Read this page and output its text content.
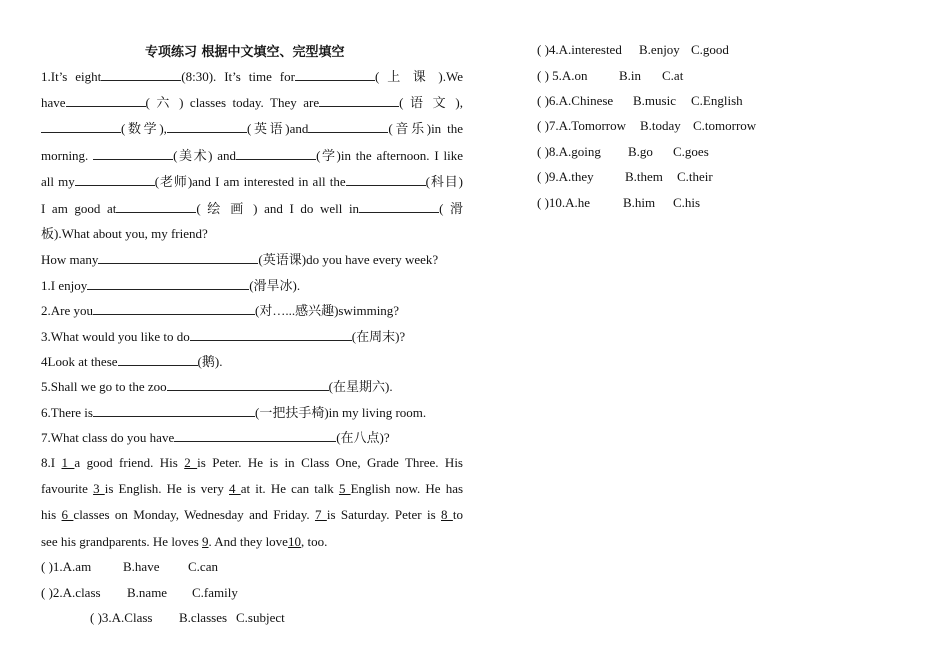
专项练习 根据中文填空、完型填空
1.It’s eight	(8:30). It’s time for	( 上 课 ).We
have	( 六 ) classes today. They are	( 语 文 ),
(数学),	(英语)and	(音乐)in the
morning.	(美术) and	(学)in the afternoon. I like
all my	(老师)and I am interested in all the	(科目)
I am good at	( 绘 画 ) and I do well in	( 滑
板).What about you, my friend?
How many	(英语课)do you have every week?
1.I enjoy	(滑旱冰).
2.Are you	(对…...感兴趣)swimming?
3.What would you like to do	(在周末)?
4Look at these	(鹅).
5.Shall we go to the zoo	(在星期六).
6.There is	(一把扶手椅)in my living room.
7.What class do you have	(在八点)?
8.I 1 a good friend. His 2 is Peter. He is in Class One, Grade Three. His
favourite 3 is English. He is very 4 at it. He can talk 5 English now. He has
his 6 classes on Monday, Wednesday and Friday. 7 is Saturday. Peter is 8 to
see his grandparents. He loves 9. And they love10, too.
( )1.A.am B.have C.can
( )2.A.class B.name C.family
( )3.A.Class B.classes C.subject
( )4.A.interested B.enjoy C.good
( ) 5.A.on B.in C.at
( )6.A.Chinese B.music C.English
( )7.A.Tomorrow B.today C.tomorrow
( )8.A.going B.go C.goes
( )9.A.they B.them C.their
( )10.A.he	B.him C.his
